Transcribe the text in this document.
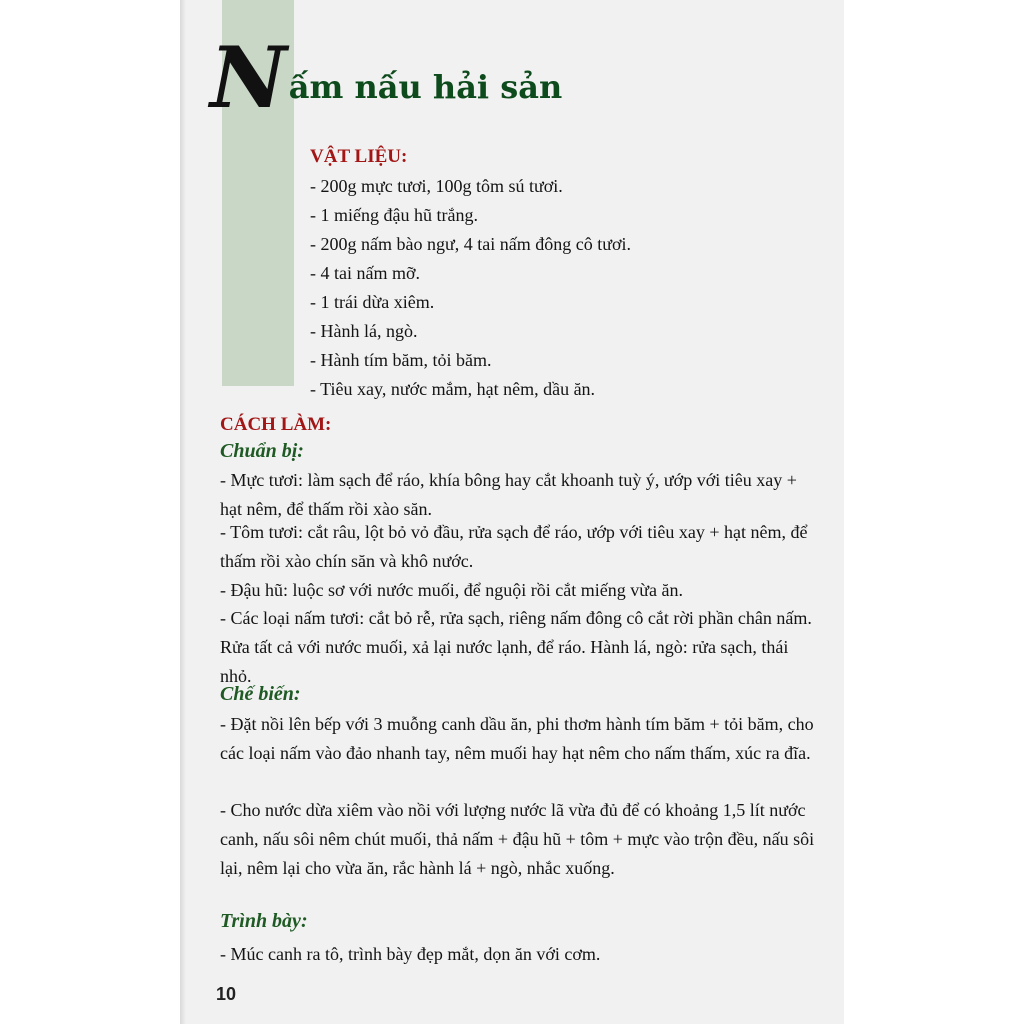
N ấm nấu hải sản
VẬT LIỆU:
- 200g mực tươi, 100g tôm sú tươi.
- 1 miếng đậu hũ trắng.
- 200g nấm bào ngư, 4 tai nấm đông cô tươi.
- 4 tai nấm mỡ.
- 1 trái dừa xiêm.
- Hành lá, ngò.
- Hành tím băm, tỏi băm.
- Tiêu xay, nước mắm, hạt nêm, dầu ăn.
CÁCH LÀM:
Chuẩn bị:

- Mực tươi: làm sạch để ráo, khía bông hay cắt khoanh tuỳ ý, ướp với tiêu xay + hạt nêm, để thấm rồi xào săn.

- Tôm tươi: cắt râu, lột bỏ vỏ đầu, rửa sạch để ráo, ướp với tiêu xay + hạt nêm, để thấm rồi xào chín săn và khô nước.

- Đậu hũ: luộc sơ với nước muối, để nguội rồi cắt miếng vừa ăn.

- Các loại nấm tươi: cắt bỏ rễ, rửa sạch, riêng nấm đông cô cắt rời phần chân nấm. Rửa tất cả với nước muối, xả lại nước lạnh, để ráo. Hành lá, ngò: rửa sạch, thái nhỏ.

Chế biến:

- Đặt nồi lên bếp với 3 muỗng canh dầu ăn, phi thơm hành tím băm + tỏi băm, cho các loại nấm vào đảo nhanh tay, nêm muối hay hạt nêm cho nấm thấm, xúc ra đĩa.

- Cho nước dừa xiêm vào nồi với lượng nước lã vừa đủ để có khoảng 1,5 lít nước canh, nấu sôi nêm chút muối, thả nấm + đậu hũ + tôm + mực vào trộn đều, nấu sôi lại, nêm lại cho vừa ăn, rắc hành lá + ngò, nhắc xuống.

Trình bày:

- Múc canh ra tô, trình bày đẹp mắt, dọn ăn với cơm.

10
